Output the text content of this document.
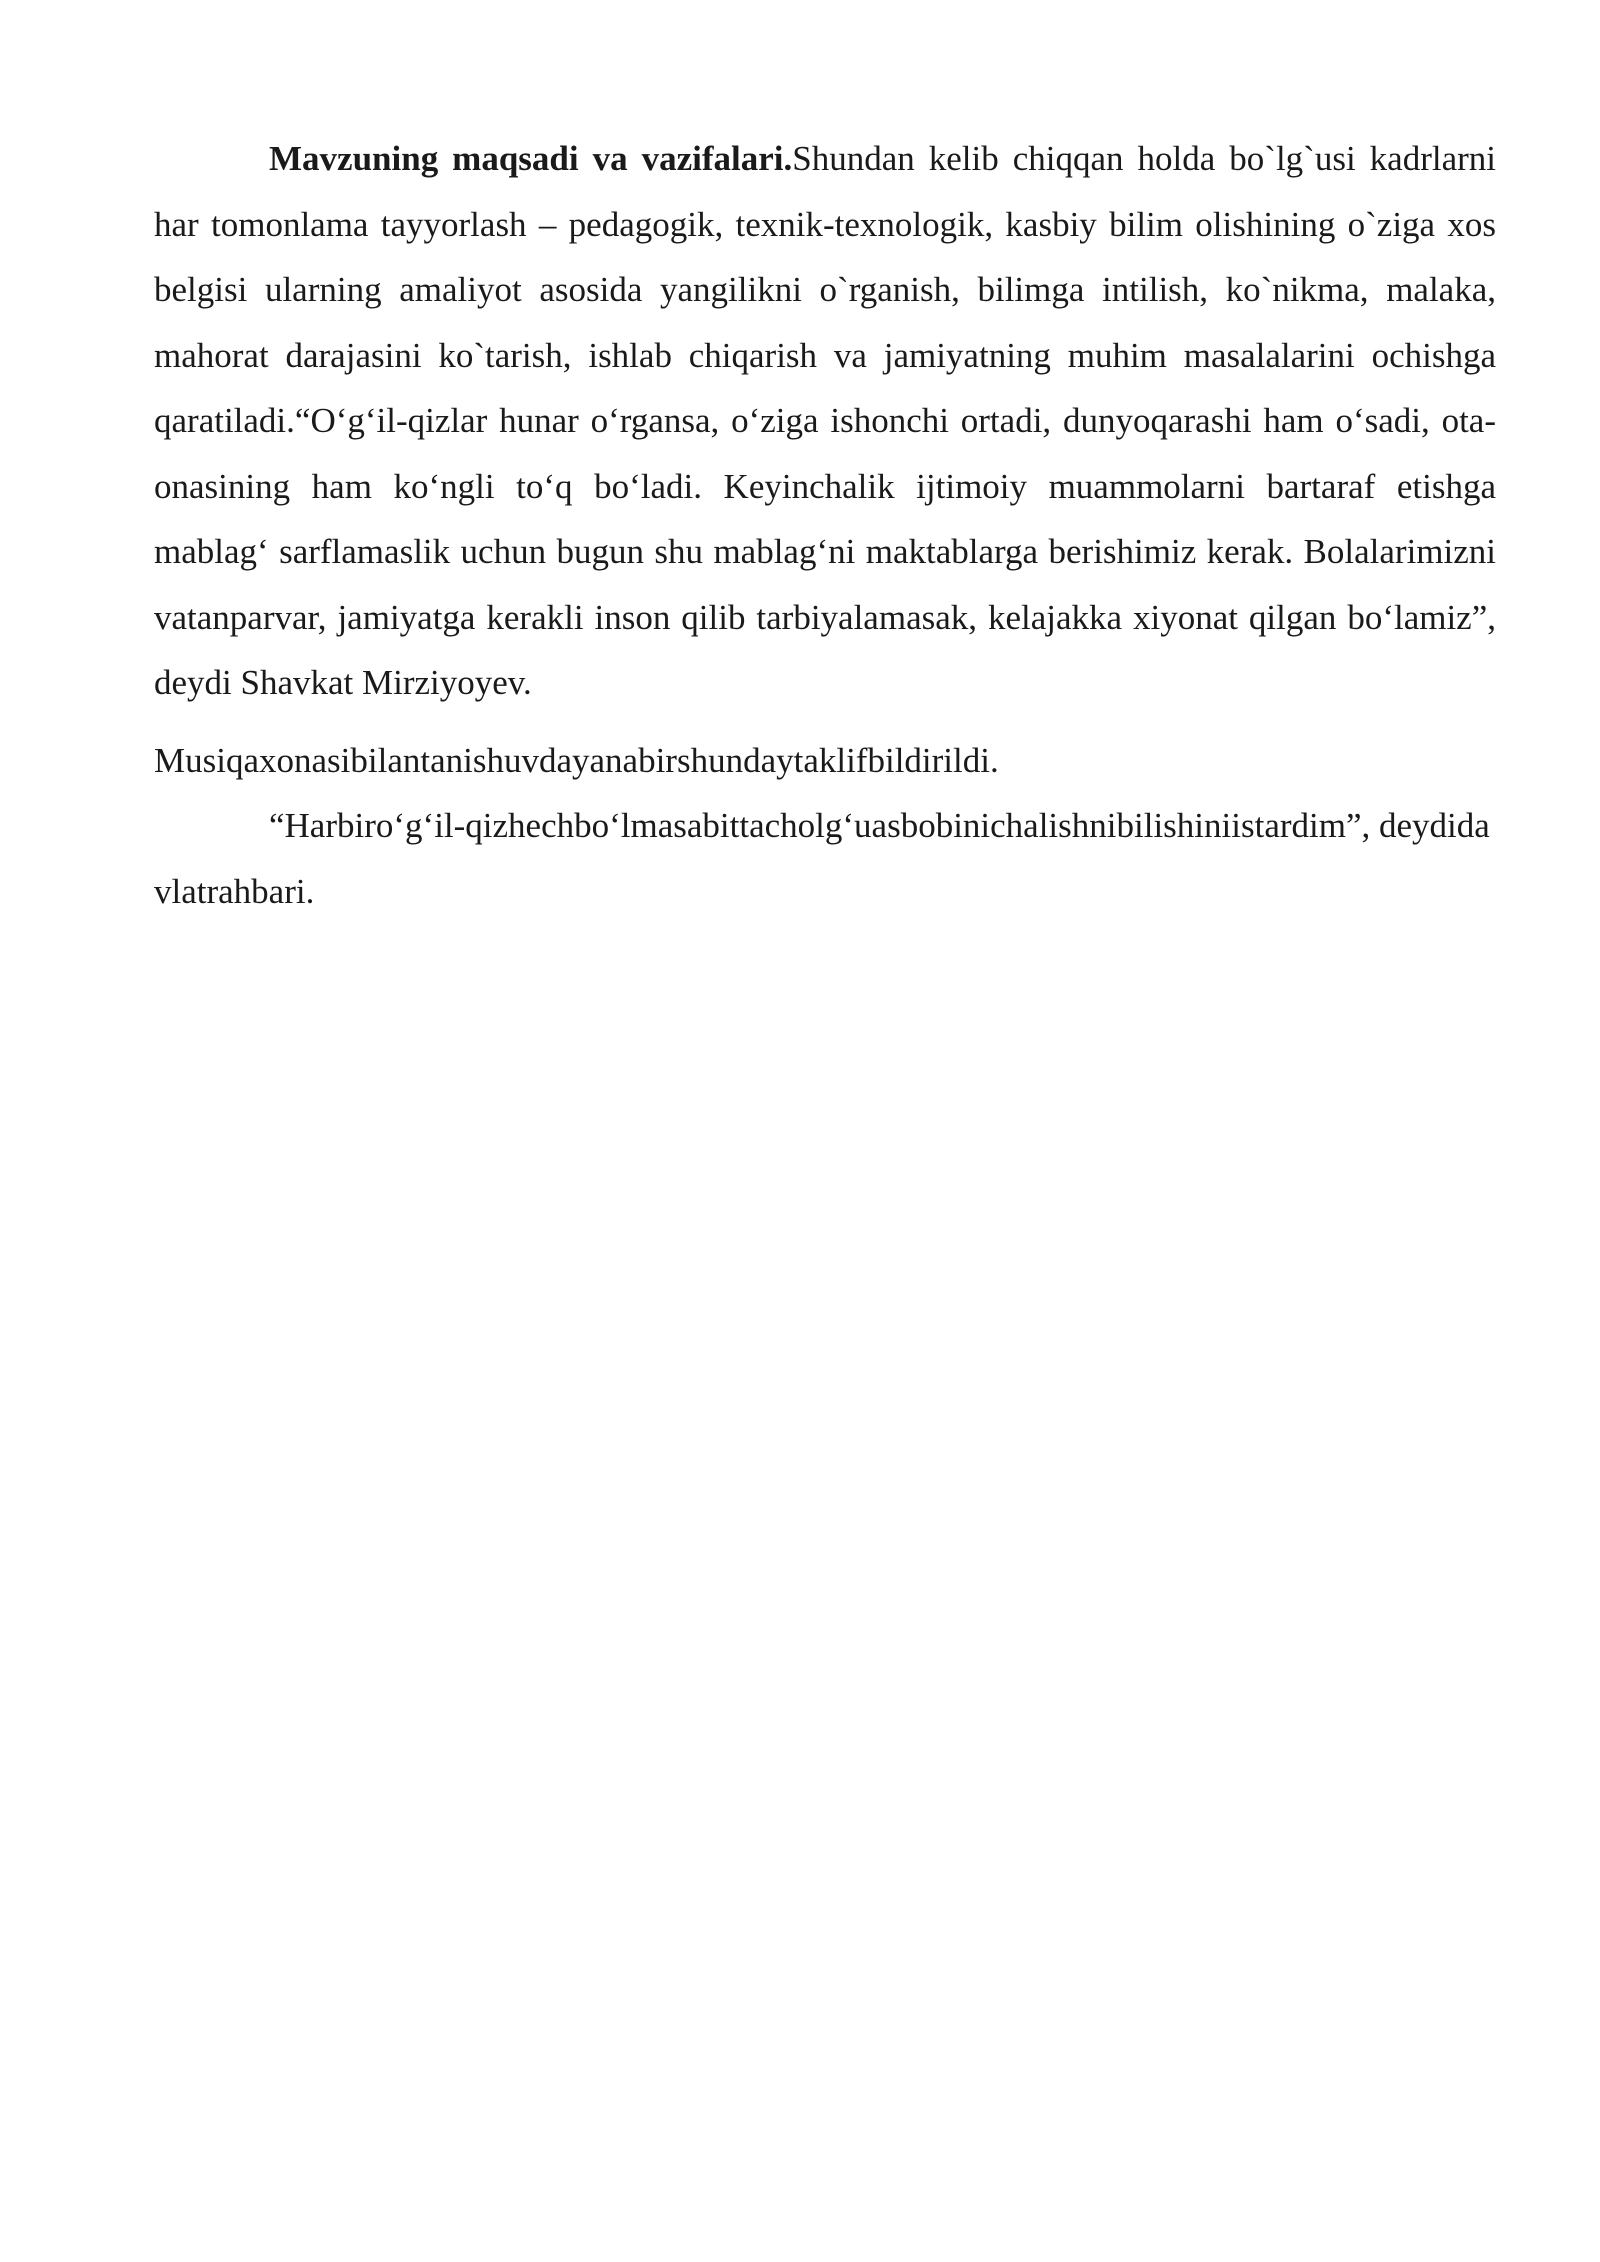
Mavzuning maqsadi va vazifalari.Shundan kelib chiqqan holda bo`lg`usi kadrlarni har tomonlama tayyorlash – pedagogik, texnik-texnologik, kasbiy bilim olishining o`ziga xos belgisi ularning amaliyot asosida yangilikni o`rganish, bilimga intilish, ko`nikma, malaka, mahorat darajasini ko`tarish, ishlab chiqarish va jamiyatning muhim masalalarini ochishga qaratiladi.“O‘g‘il-qizlar hunar o‘rgansa, o‘ziga ishonchi ortadi, dunyoqarashi ham o‘sadi, ota-onasining ham ko‘ngli to‘q bo‘ladi. Keyinchalik ijtimoiy muammolarni bartaraf etishga mablag‘ sarflamaslik uchun bugun shu mablag‘ni maktablarga berishimiz kerak. Bolalarimizni vatanparvar, jamiyatga kerakli inson qilib tarbiyalamasak, kelajakka xiyonat qilgan bo‘lamiz”, deydi Shavkat Mirziyoyev.

Musiqaxonasibilantanishuvdayanabirshundaytaklifbildirildi.

“Harbiro‘g‘il-qizhechbo‘lmasabittacholg‘uasbobinichalishnibilishiniistardim”, deydidavlatrahbari.
